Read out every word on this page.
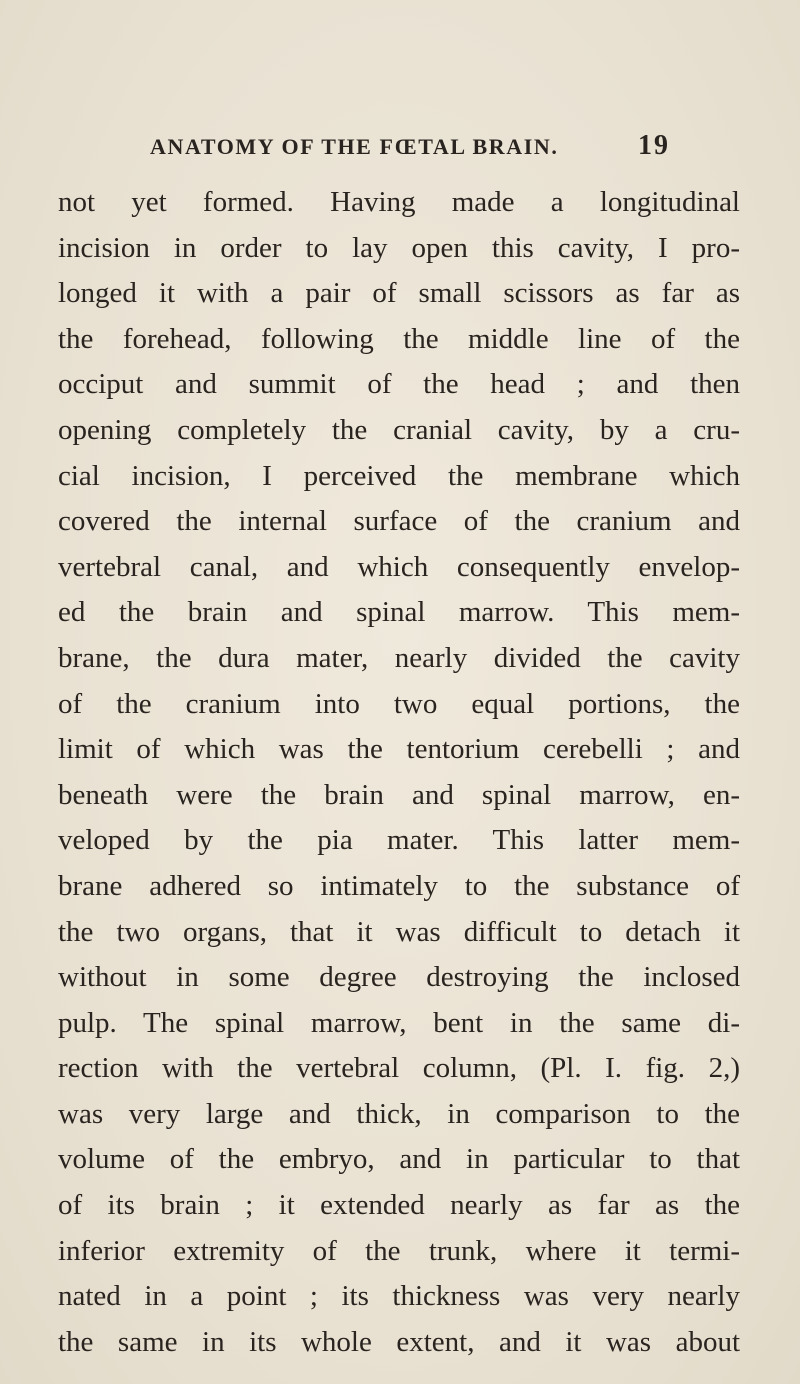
ANATOMY OF THE FŒTAL BRAIN.	19
not yet formed. Having made a longitudinal
incision in order to lay open this cavity, I pro-
longed it with a pair of small scissors as far as
the forehead, following the middle line of the
occiput and summit of the head ; and then
opening completely the cranial cavity, by a cru-
cial incision, I perceived the membrane which
covered the internal surface of the cranium and
vertebral canal, and which consequently envelop-
ed the brain and spinal marrow. This mem-
brane, the dura mater, nearly divided the cavity
of the cranium into two equal portions, the
limit of which was the tentorium cerebelli ; and
beneath were the brain and spinal marrow, en-
veloped by the pia mater. This latter mem-
brane adhered so intimately to the substance of
the two organs, that it was difficult to detach it
without in some degree destroying the inclosed
pulp. The spinal marrow, bent in the same di-
rection with the vertebral column, (Pl. I. fig. 2,)
was very large and thick, in comparison to the
volume of the embryo, and in particular to that
of its brain ; it extended nearly as far as the
inferior extremity of the trunk, where it termi-
nated in a point ; its thickness was very nearly
the same in its whole extent, and it was about
